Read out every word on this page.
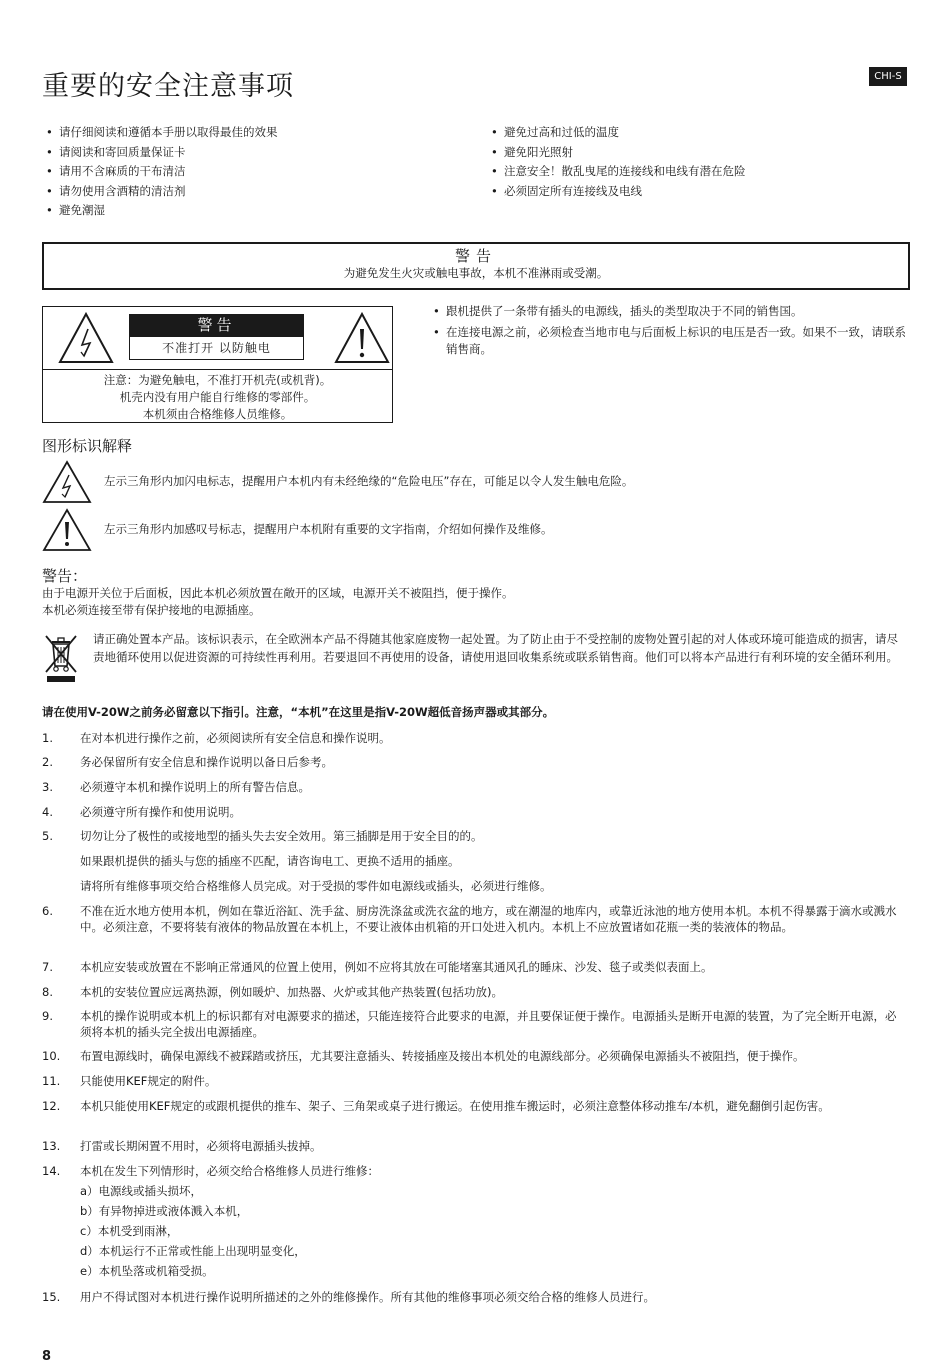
重要的安全注意事项	CHI-S
• 请仔细阅读和遵循本手册以取得最佳的效果
• 请阅读和寄回质量保证卡
• 请用不含麻质的干布清洁
• 请勿使用含酒精的清洁剂
• 避免潮湿
• 避免过高和过低的温度
• 避免阳光照射
• 注意安全！散乱曳尾的连接线和电线有潜在危险
• 必须固定所有连接线及电线
警告
为避免发生火灾或触电事故，本机不准淋雨或受潮。
警告
不准打开 以防触电
注意：为避免触电，不准打开机壳(或机背)。
机壳内没有用户能自行维修的零部件。
本机须由合格维修人员维修。
• 跟机提供了一条带有插头的电源线，插头的类型取决于不同的销售国。
• 在连接电源之前，必须检查当地市电与后面板上标识的电压是否一致。如果不一致，请联系销售商。
图形标识解释
左示三角形内加闪电标志，提醒用户本机内有未经绝缘的“危险电压”存在，可能足以令人发生触电危险。
左示三角形内加感叹号标志，提醒用户本机附有重要的文字指南，介绍如何操作及维修。
警告：
由于电源开关位于后面板，因此本机必须放置在敞开的区域，电源开关不被阻挡，便于操作。
本机必须连接至带有保护接地的电源插座。
请正确处置本产品。该标识表示，在全欧洲本产品不得随其他家庭废物一起处置。为了防止由于不受控制的废物处置引起的对人体或环境可能造成的损害，请尽责地循环使用以促进资源的可持续性再利用。若要退回不再使用的设备，请使用退回收集系统或联系销售商。他们可以将本产品进行有利环境的安全循环利用。
请在使用V-20W之前务必留意以下指引。注意，“本机”在这里是指V-20W超低音扬声器或其部分。
1. 在对本机进行操作之前，必须阅读所有安全信息和操作说明。
2. 务必保留所有安全信息和操作说明以备日后参考。
3. 必须遵守本机和操作说明上的所有警告信息。
4. 必须遵守所有操作和使用说明。
5. 切勿让分了极性的或接地型的插头失去安全效用。第三插脚是用于安全目的的。
如果跟机提供的插头与您的插座不匹配，请咨询电工、更换不适用的插座。
请将所有维修事项交给合格维修人员完成。对于受损的零件如电源线或插头，必须进行维修。
6. 不准在近水地方使用本机，例如在靠近浴缸、洗手盆、厨房洗涤盆或洗衣盆的地方，或在潮湿的地库内，或靠近泳池的地方使用本机。本机不得暴露于滴水或溅水中。必须注意，不要将装有液体的物品放置在本机上，不要让液体由机箱的开口处进入机内。本机上不应放置诸如花瓶一类的装液体的物品。
7. 本机应安装或放置在不影响正常通风的位置上使用，例如不应将其放在可能堵塞其通风孔的睡床、沙发、毯子或类似表面上。
8. 本机的安装位置应远离热源，例如暖炉、加热器、火炉或其他产热装置(包括功放)。
9. 本机的操作说明或本机上的标识都有对电源要求的描述，只能连接符合此要求的电源，并且要保证便于操作。电源插头是断开电源的装置，为了完全断开电源，必须将本机的插头完全拔出电源插座。
10. 布置电源线时，确保电源线不被踩踏或挤压，尤其要注意插头、转接插座及接出本机处的电源线部分。必须确保电源插头不被阻挡，便于操作。
11. 只能使用KEF规定的附件。
12. 本机只能使用KEF规定的或跟机提供的推车、架子、三角架或桌子进行搬运。在使用推车搬运时，必须注意整体移动推车/本机，避免翻倒引起伤害。
13. 打雷或长期闲置不用时，必须将电源插头拔掉。
14. 本机在发生下列情形时，必须交给合格维修人员进行维修：
a）电源线或插头损坏，
b）有异物掉进或液体溅入本机，
c）本机受到雨淋，
d）本机运行不正常或性能上出现明显变化，
e）本机坠落或机箱受损。
15. 用户不得试图对本机进行操作说明所描述的之外的维修操作。所有其他的维修事项必须交给合格的维修人员进行。
8
